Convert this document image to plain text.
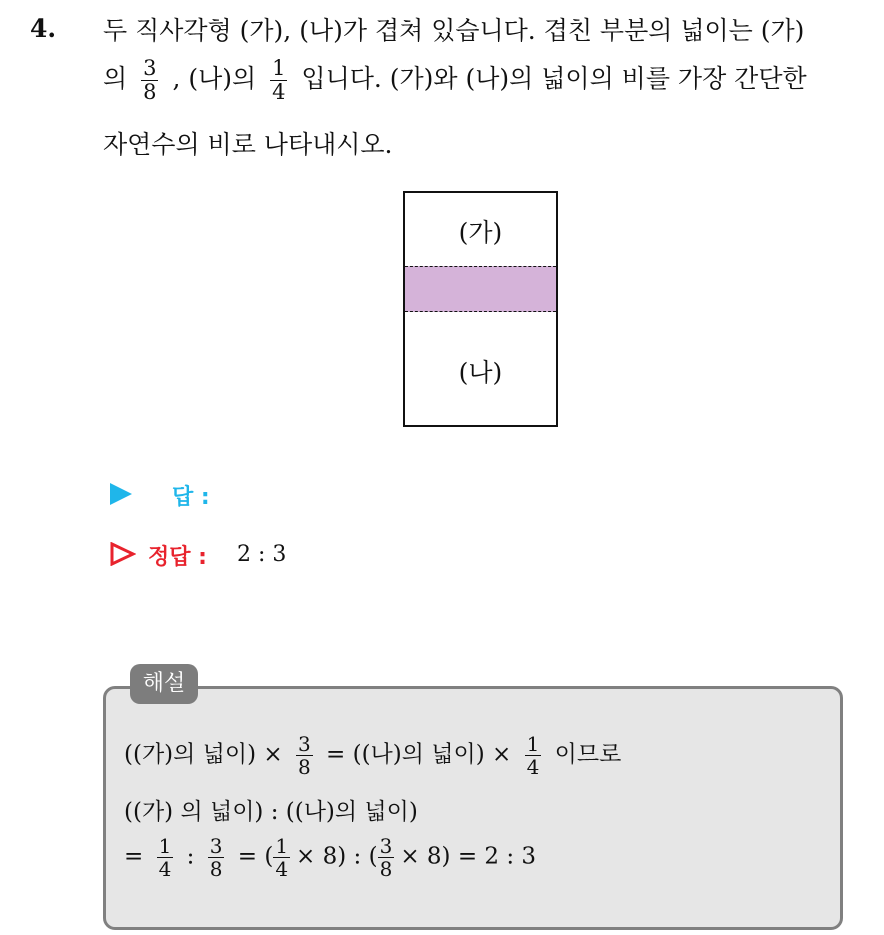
4. 두 직사각형 (가), (나)가 겹쳐 있습니다. 겹친 부분의 넓이는 (가)
의 $\frac{3}{8}$ , (나)의 $\frac{1}{4}$ 입니다. (가)와 (나)의 넓이의 비를 가장 간단한
자연수의 비로 나타내시오.
(가)
(나)
답 :
정답 : 2 : 3
해설
((가)의 넓이) × $\frac{3}{8}$ = ((나)의 넓이) × $\frac{1}{4}$ 이므로
((가) 의 넓이) : ((나)의 넓이)
= $\frac{1}{4}$ : $\frac{3}{8}$ = ( $\frac{1}{4} \times 8$) : ( $\frac{3}{8} \times 8) = 2$ : 3
